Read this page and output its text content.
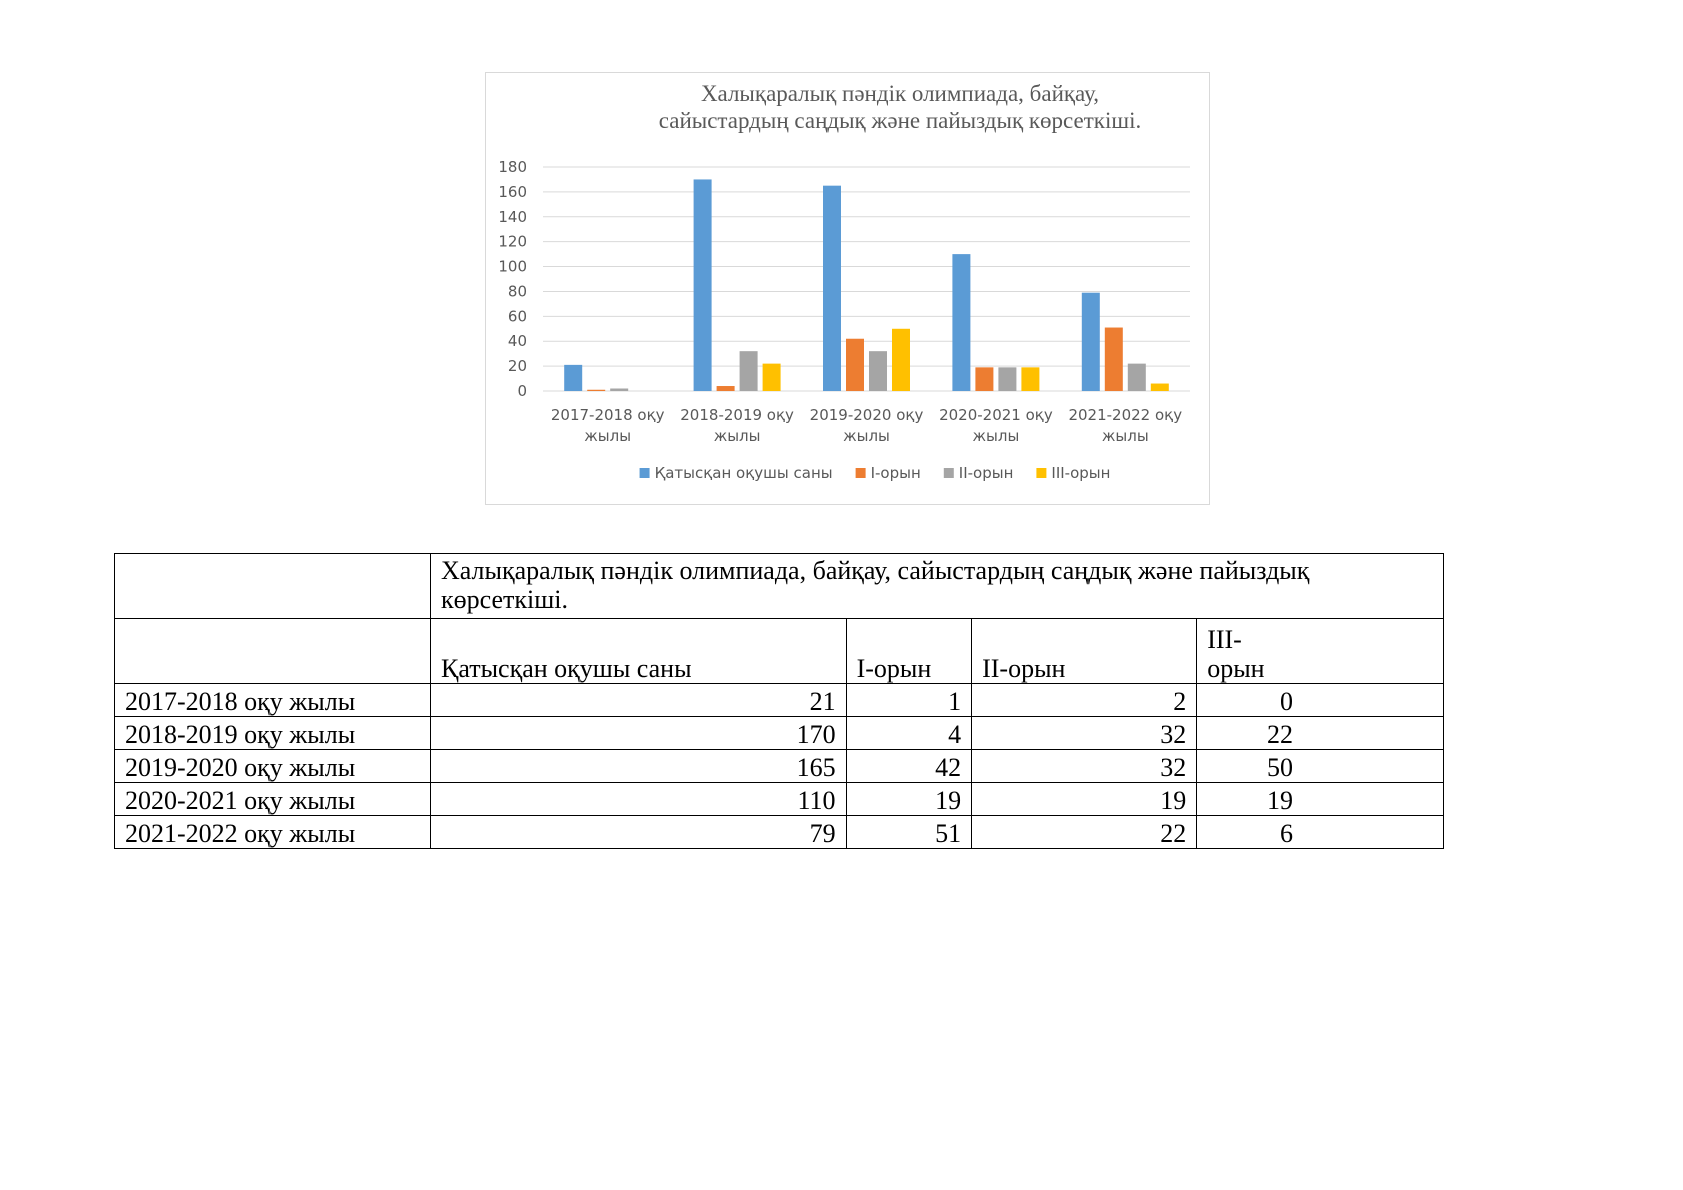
Халықаралық пәндік олимпиада, байқау, сайыстардың саңдық және пайыздық көрсеткіші.
0
20
40
60
80
100
120
140
160
180
2017-2018 оқу
жылы
2018-2019 оқу
жылы
2019-2020 оқу
жылы
2020-2021 оқу
жылы
2021-2022 оқу
жылы
Қатысқан оқушы саны	I-орын	II-орын	III-орын
	Халықаралық пәндік олимпиада, байқау, сайыстардың саңдық және пайыздық көрсеткіші.			
	Қатысқан оқушы саны	I-орын	II-орын	III-
орын
2017-2018 оқу жылы	21	1	2	0
2018-2019 оқу жылы	170	4	32	22
2019-2020 оқу жылы	165	42	32	50
2020-2021 оқу жылы	110	19	19	19
2021-2022 оқу жылы	79	51	22	6
